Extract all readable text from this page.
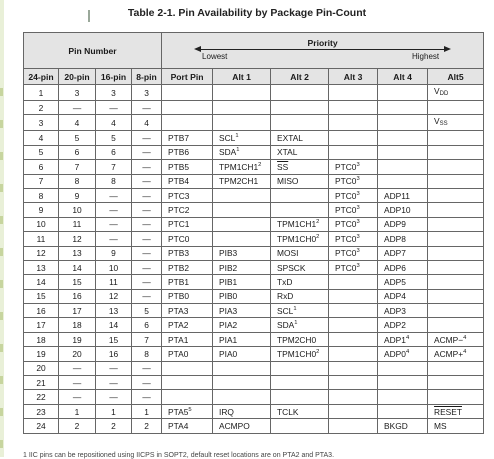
Table 2-1. Pin Availability by Package Pin-Count
Pin Number				Priority
Lowest Highest					

24-pin	20-pin	16-pin	8-pin	Port Pin	Alt 1	Alt 2	Alt 3	Alt 4	Alt5
1	3	3	3						VDD
2	—	—	—						
3	4	4	4						VSS
4	5	5	—	PTB7	SCL$^1$	EXTAL			
5	6	6	—	PTB6	SDA$^1$	XTAL			
6	7	7	—	PTB5	$TPM1CH1^2$	$\overline{SS}$	$PTC0^3$		
7	8	8	—	PTB4	TPM2CH1	MISO	$PTC0^3$		
8	9	—	—	PTC3			$PTC0^3$	ADP11	
9	10	—	—	PTC2			$PTC0^3$	ADP10	
10	11	—	—	PTC1		$TPM1CH1^2$	$PTC0^3$	ADP9	
11	12	—	—	PTC0		$TPM1CH0^2$	$PTC0^3$	ADP8	
12	13	9	—	PTB3	PIB3	MOSI	$PTC0^3$	ADP7	
13	14	10	—	PTB2	PIB2	SPSCK	$PTC0^3$	ADP6	
14	15	11	—	PTB1	PIB1	TxD		ADP5	
15	16	12	—	PTB0	PIB0	RxD		ADP4	
16	17	13	5	PTA3	PIA3	SCL$^1$		ADP3	
17	18	14	6	PTA2	PIA2	SDA$^1$		ADP2	
18	19	15	7	PTA1	PIA1	TPM2CH0		$ADP1^4$	ACMP−$^4$
19	20	16	8	PTA0	PIA0	$TPM1CH0^2$		$ADP0^4$	ACMP+$^4$
20	—	—	—						
21	—	—	—						
22	—	—	—						
23	1	1	1	$PTA5^5$	IRQ	TCLK			RESET
24	2	2	2	PTA4	ACMPO			BKGD	MS
1 IIC pins can be repositioned using IICPS in SOPT2, default reset locations are on PTA2 and PTA3.
